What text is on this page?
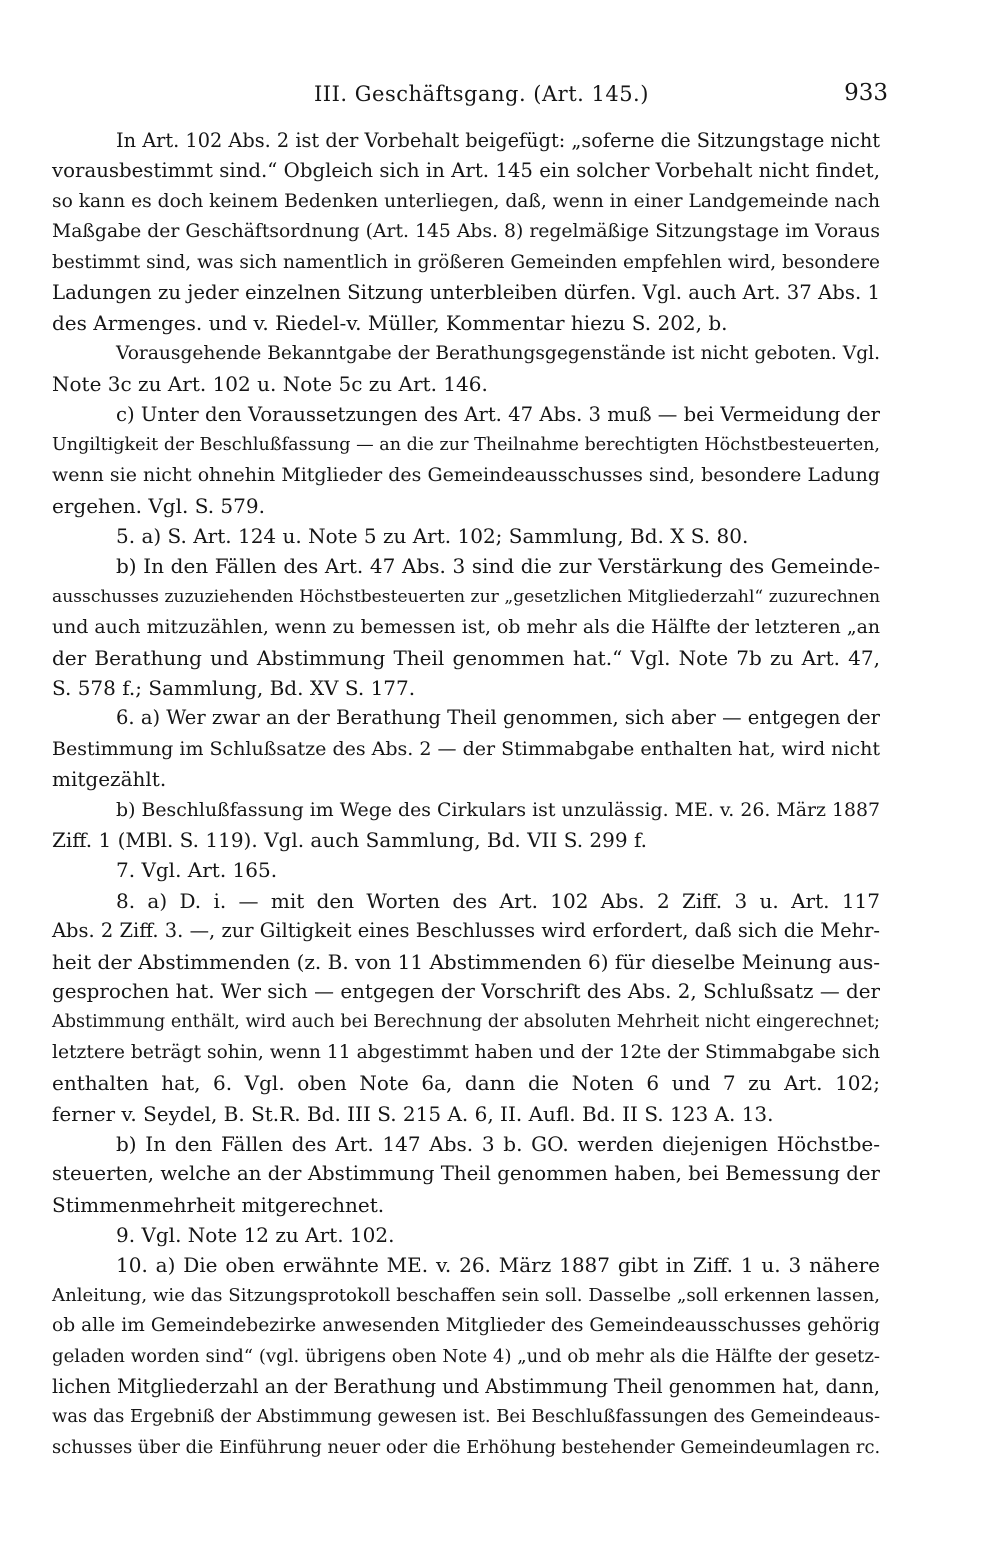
III. Geschäftsgang. (Art. 145.)	933
In Art. 102 Abs. 2 ist der Vorbehalt beigefügt: „soferne die Sitzungstage nicht
vorausbestimmt sind.“ Obgleich sich in Art. 145 ein solcher Vorbehalt nicht findet,
so kann es doch keinem Bedenken unterliegen, daß, wenn in einer Landgemeinde nach
Maßgabe der Geschäftsordnung (Art. 145 Abs. 8) regelmäßige Sitzungstage im Voraus
bestimmt sind, was sich namentlich in größeren Gemeinden empfehlen wird, besondere
Ladungen zu jeder einzelnen Sitzung unterbleiben dürfen. Vgl. auch Art. 37 Abs. 1
des Armenges. und v. Riedel-v. Müller, Kommentar hiezu S. 202, b.
Vorausgehende Bekanntgabe der Berathungsgegenstände ist nicht geboten. Vgl.
Note 3c zu Art. 102 u. Note 5c zu Art. 146.
c) Unter den Voraussetzungen des Art. 47 Abs. 3 muß — bei Vermeidung der
Ungiltigkeit der Beschlußfassung — an die zur Theilnahme berechtigten Höchstbesteuerten,
wenn sie nicht ohnehin Mitglieder des Gemeindeausschusses sind, besondere Ladung
ergehen. Vgl. S. 579.
5. a) S. Art. 124 u. Note 5 zu Art. 102; Sammlung, Bd. X S. 80.
b) In den Fällen des Art. 47 Abs. 3 sind die zur Verstärkung des Gemeinde-
ausschusses zuzuziehenden Höchstbesteuerten zur „gesetzlichen Mitgliederzahl“ zuzurechnen
und auch mitzuzählen, wenn zu bemessen ist, ob mehr als die Hälfte der letzteren „an
der Berathung und Abstimmung Theil genommen hat.“ Vgl. Note 7b zu Art. 47,
S. 578 f.; Sammlung, Bd. XV S. 177.
6. a) Wer zwar an der Berathung Theil genommen, sich aber — entgegen der
Bestimmung im Schlußsatze des Abs. 2 — der Stimmabgabe enthalten hat, wird nicht
mitgezählt.
b) Beschlußfassung im Wege des Cirkulars ist unzulässig. ME. v. 26. März 1887
Ziff. 1 (MBl. S. 119). Vgl. auch Sammlung, Bd. VII S. 299 f.
7. Vgl. Art. 165.
8. a) D. i. — mit den Worten des Art. 102 Abs. 2 Ziff. 3 u. Art. 117
Abs. 2 Ziff. 3. —, zur Giltigkeit eines Beschlusses wird erfordert, daß sich die Mehr-
heit der Abstimmenden (z. B. von 11 Abstimmenden 6) für dieselbe Meinung aus-
gesprochen hat. Wer sich — entgegen der Vorschrift des Abs. 2, Schlußsatz — der
Abstimmung enthält, wird auch bei Berechnung der absoluten Mehrheit nicht eingerechnet;
letztere beträgt sohin, wenn 11 abgestimmt haben und der 12te der Stimmabgabe sich
enthalten hat, 6. Vgl. oben Note 6a, dann die Noten 6 und 7 zu Art. 102;
ferner v. Seydel, B. St.R. Bd. III S. 215 A. 6, II. Aufl. Bd. II S. 123 A. 13.
b) In den Fällen des Art. 147 Abs. 3 b. GO. werden diejenigen Höchstbe-
steuerten, welche an der Abstimmung Theil genommen haben, bei Bemessung der
Stimmenmehrheit mitgerechnet.
9. Vgl. Note 12 zu Art. 102.
10. a) Die oben erwähnte ME. v. 26. März 1887 gibt in Ziff. 1 u. 3 nähere
Anleitung, wie das Sitzungsprotokoll beschaffen sein soll. Dasselbe „soll erkennen lassen,
ob alle im Gemeindebezirke anwesenden Mitglieder des Gemeindeausschusses gehörig
geladen worden sind“ (vgl. übrigens oben Note 4) „und ob mehr als die Hälfte der gesetz-
lichen Mitgliederzahl an der Berathung und Abstimmung Theil genommen hat, dann,
was das Ergebniß der Abstimmung gewesen ist. Bei Beschlußfassungen des Gemeindeaus-
schusses über die Einführung neuer oder die Erhöhung bestehender Gemeindeumlagen rc.
